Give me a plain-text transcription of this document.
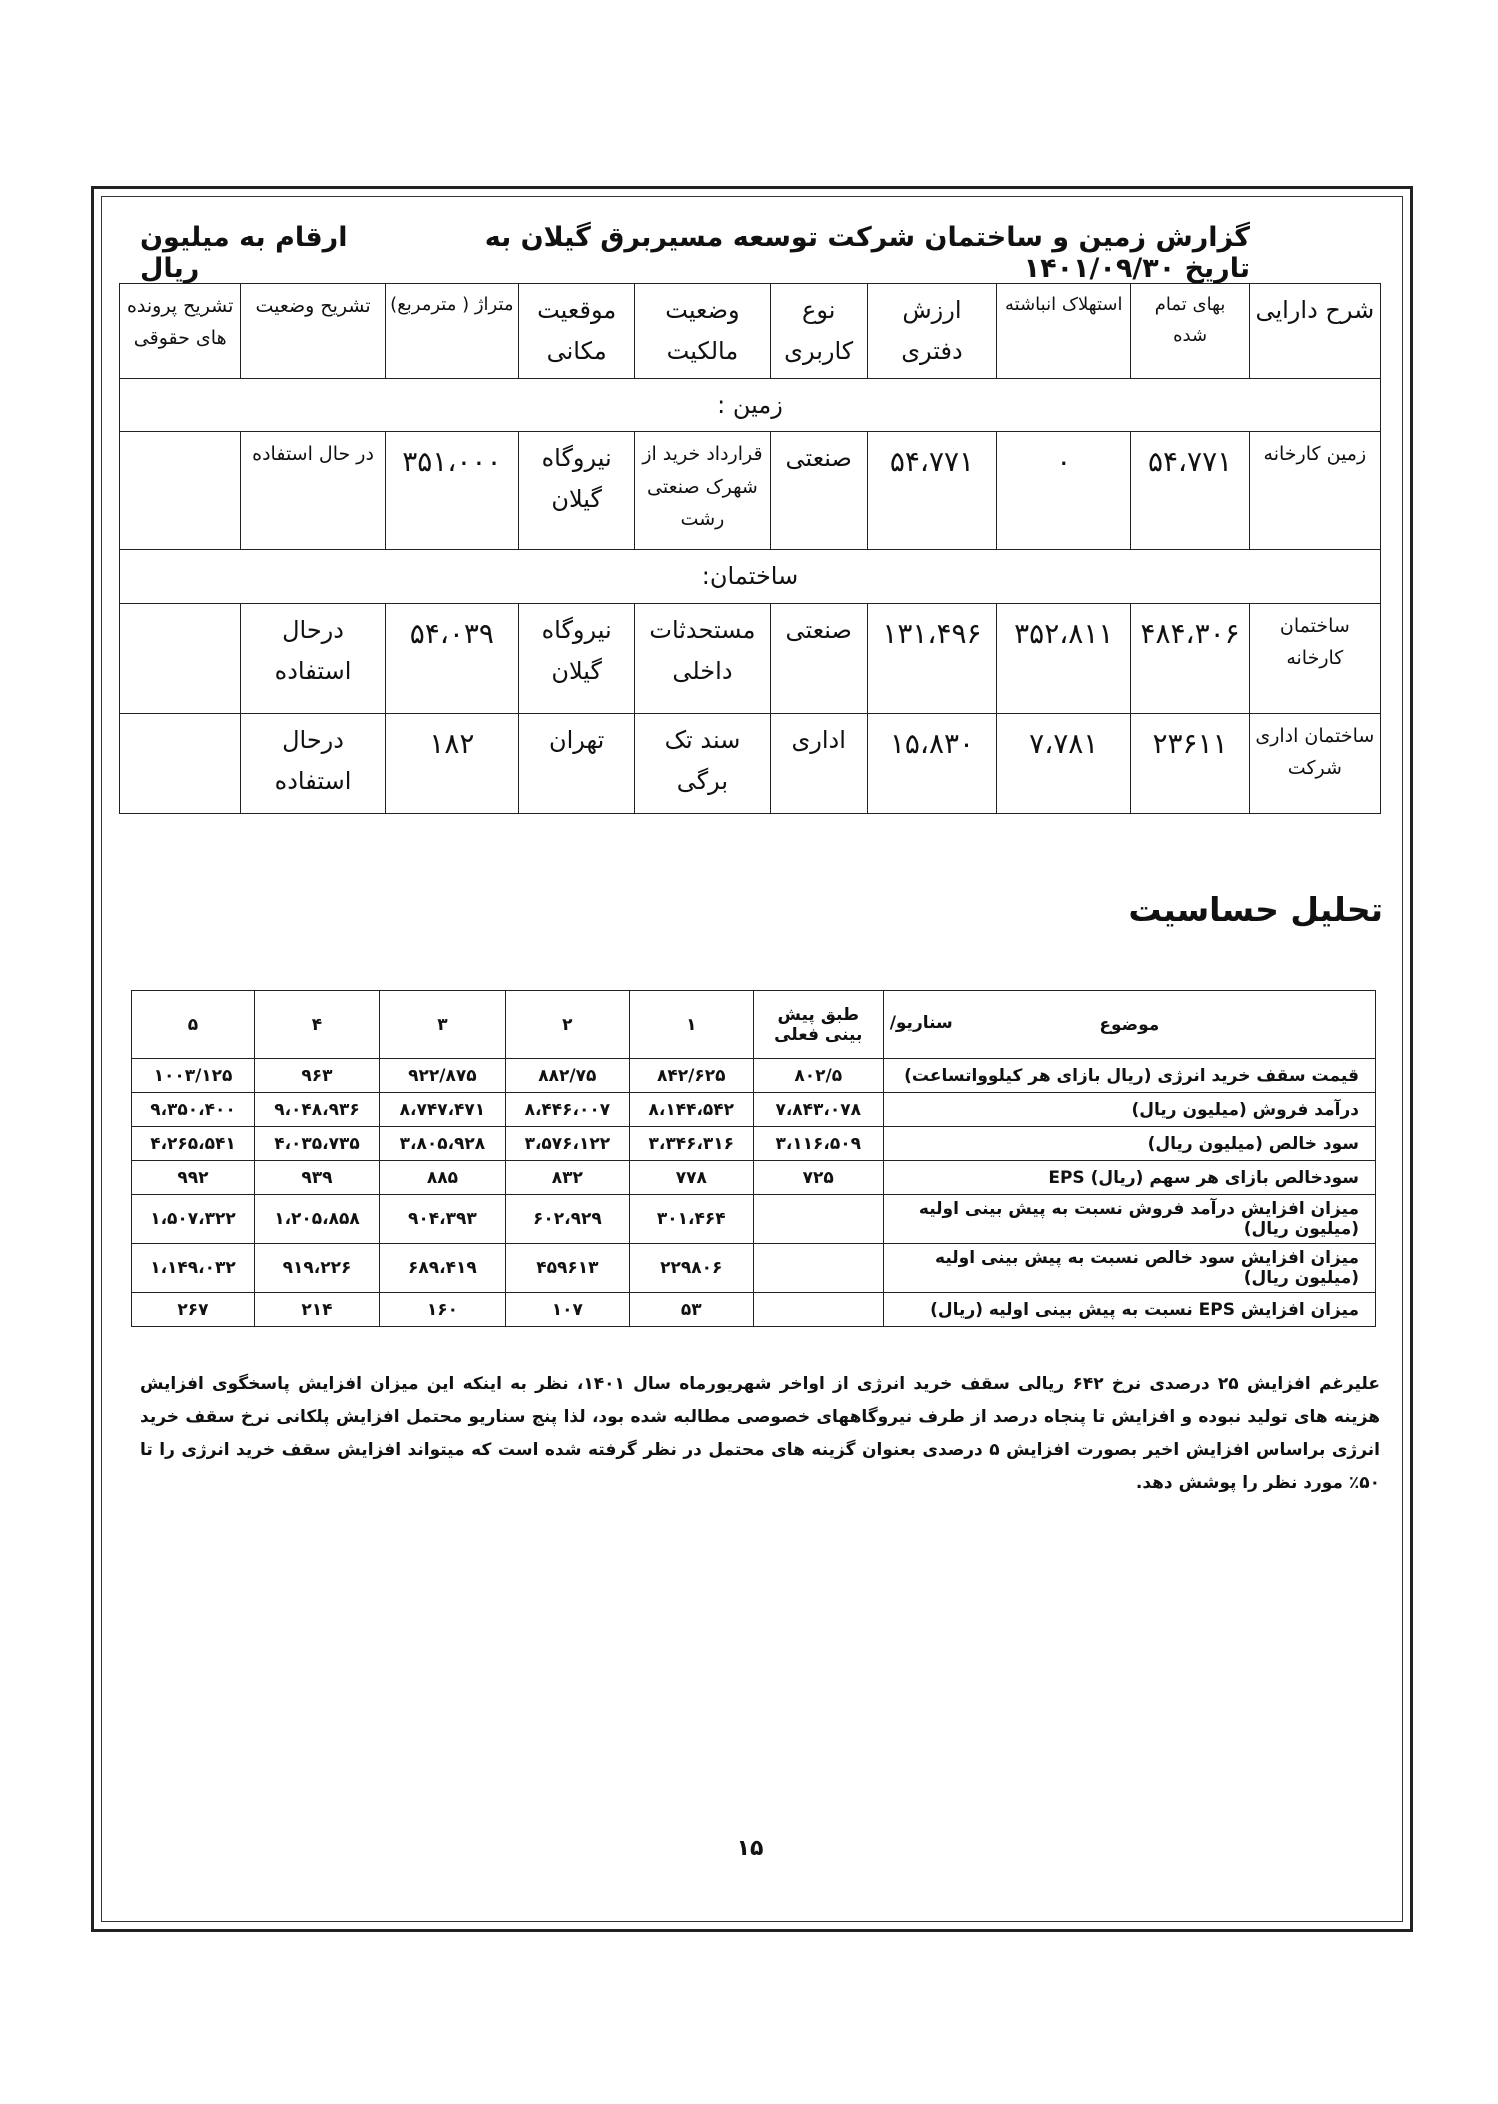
گزارش زمین و ساختمان شرکت توسعه مسیربرق گیلان به تاریخ ۱۴۰۱/۰۹/۳۰
ارقام به میلیون ریال
شرح دارایی	بهای تمام شده	استهلاک انباشته	ارزش دفتری	نوع کاربری	وضعیت مالکیت	موقعیت مکانی	متراژ ( مترمربع)	تشریح وضعیت	تشریح پرونده های حقوقی
زمین :									
زمین کارخانه	۵۴،۷۷۱	۰	۵۴،۷۷۱	صنعتی	قرارداد خرید از شهرک صنعتی رشت	نیروگاه گیلان	۳۵۱،۰۰۰	در حال استفاده	
ساختمان:									
ساختمان کارخانه	۴۸۴،۳۰۶	۳۵۲،۸۱۱	۱۳۱،۴۹۶	صنعتی	مستحدثات داخلی	نیروگاه گیلان	۵۴،۰۳۹	درحال استفاده	
ساختمان اداری شرکت	۲۳۶۱۱	۷،۷۸۱	۱۵،۸۳۰	اداری	سند تک برگی	تهران	۱۸۲	درحال استفاده	
تحلیل حساسیت
موضوع
سناریو/	طبق پیش بینی فعلی	۱	۲	۳	۴	۵
قیمت سقف خرید انرژی (ریال بازای هر کیلوواتساعت)	۸۰۲/۵	۸۴۲/۶۲۵	۸۸۲/۷۵	۹۲۲/۸۷۵	۹۶۳	۱۰۰۳/۱۲۵
درآمد فروش (میلیون ریال)	۷،۸۴۳،۰۷۸	۸،۱۴۴،۵۴۲	۸،۴۴۶،۰۰۷	۸،۷۴۷،۴۷۱	۹،۰۴۸،۹۳۶	۹،۳۵۰،۴۰۰
سود خالص (میلیون ریال)	۳،۱۱۶،۵۰۹	۳،۳۴۶،۳۱۶	۳،۵۷۶،۱۲۲	۳،۸۰۵،۹۲۸	۴،۰۳۵،۷۳۵	۴،۲۶۵،۵۴۱
سودخالص بازای هر سهم (ریال) EPS	۷۲۵	۷۷۸	۸۳۲	۸۸۵	۹۳۹	۹۹۲
میزان افزایش درآمد فروش نسبت به پیش بینی اولیه (میلیون ریال)		۳۰۱،۴۶۴	۶۰۲،۹۲۹	۹۰۴،۳۹۳	۱،۲۰۵،۸۵۸	۱،۵۰۷،۳۲۲
میزان افزایش سود خالص نسبت به پیش بینی اولیه (میلیون ریال)		۲۲۹۸۰۶	۴۵۹۶۱۳	۶۸۹،۴۱۹	۹۱۹،۲۲۶	۱،۱۴۹،۰۳۲
میزان افزایش EPS نسبت به پیش بینی اولیه (ریال)		۵۳	۱۰۷	۱۶۰	۲۱۴	۲۶۷
علیرغم افزایش ۲۵ درصدی نرخ ۶۴۲ ریالی سقف خرید انرژی از اواخر شهریورماه سال ۱۴۰۱، نظر به اینکه این میزان افزایش پاسخگوی افزایش هزینه های تولید نبوده و افزایش تا پنجاه درصد از طرف نیروگاههای خصوصی مطالبه شده بود، لذا پنج سناریو محتمل افزایش پلکانی نرخ سقف خرید انرژی براساس افزایش اخیر بصورت افزایش ۵ درصدی بعنوان گزینه های محتمل در نظر گرفته شده است که میتواند افزایش سقف خرید انرژی را تا ۵۰٪ مورد نظر را پوشش دهد.
۱۵
